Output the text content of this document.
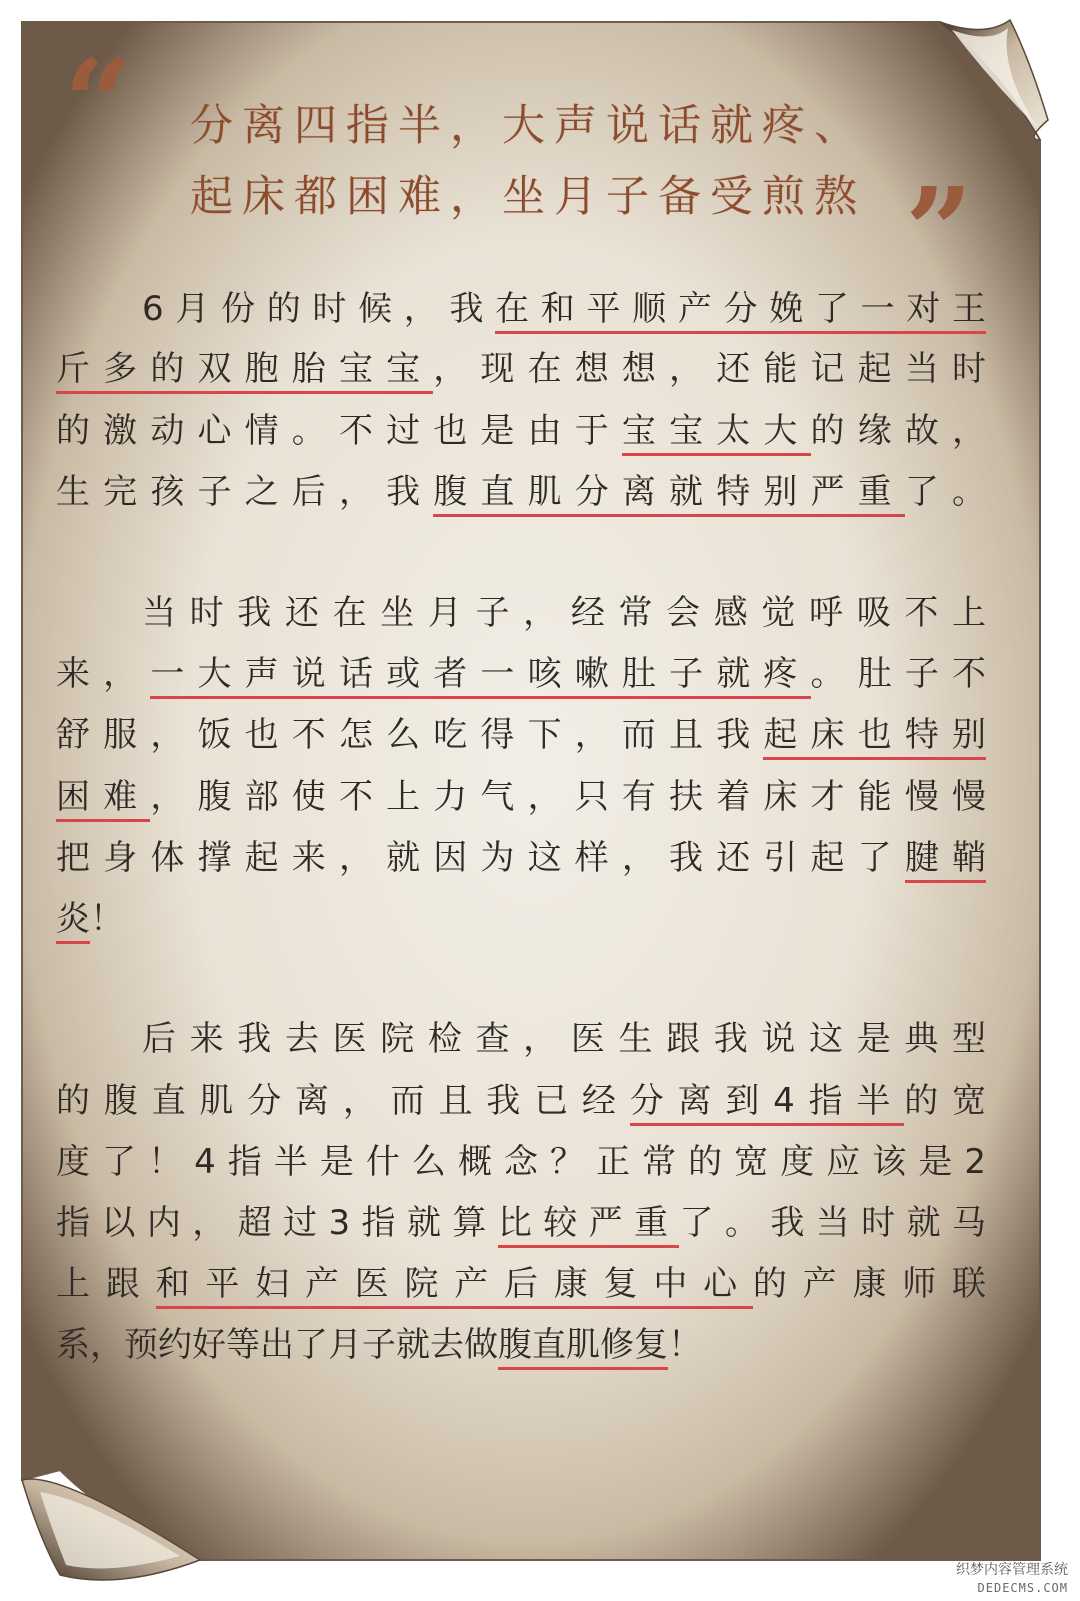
“
”
分离四指半，大声说话就疼、
起床都困难，坐月子备受煎熬
6月份的时候，我在和平顺产分娩了一对王
斤多的双胞胎宝宝，现在想想，还能记起当时
的激动心情。不过也是由于宝宝太大的缘故，
生完孩子之后，我腹直肌分离就特别严重了。
当时我还在坐月子，经常会感觉呼吸不上
来，一大声说话或者一咳嗽肚子就疼。肚子不
舒服，饭也不怎么吃得下，而且我起床也特别
困难，腹部使不上力气，只有扶着床才能慢慢
把身体撑起来，就因为这样，我还引起了腱鞘
炎！
后来我去医院检查，医生跟我说这是典型
的腹直肌分离，而且我已经分离到4指半的宽
度了！4指半是什么概念？正常的宽度应该是2
指以内，超过3指就算比较严重了。我当时就马
上跟和平妇产医院产后康复中心的产康师联
系，预约好等出了月子就去做腹直肌修复！
织梦内容管理系统
DEDECMS.COM
